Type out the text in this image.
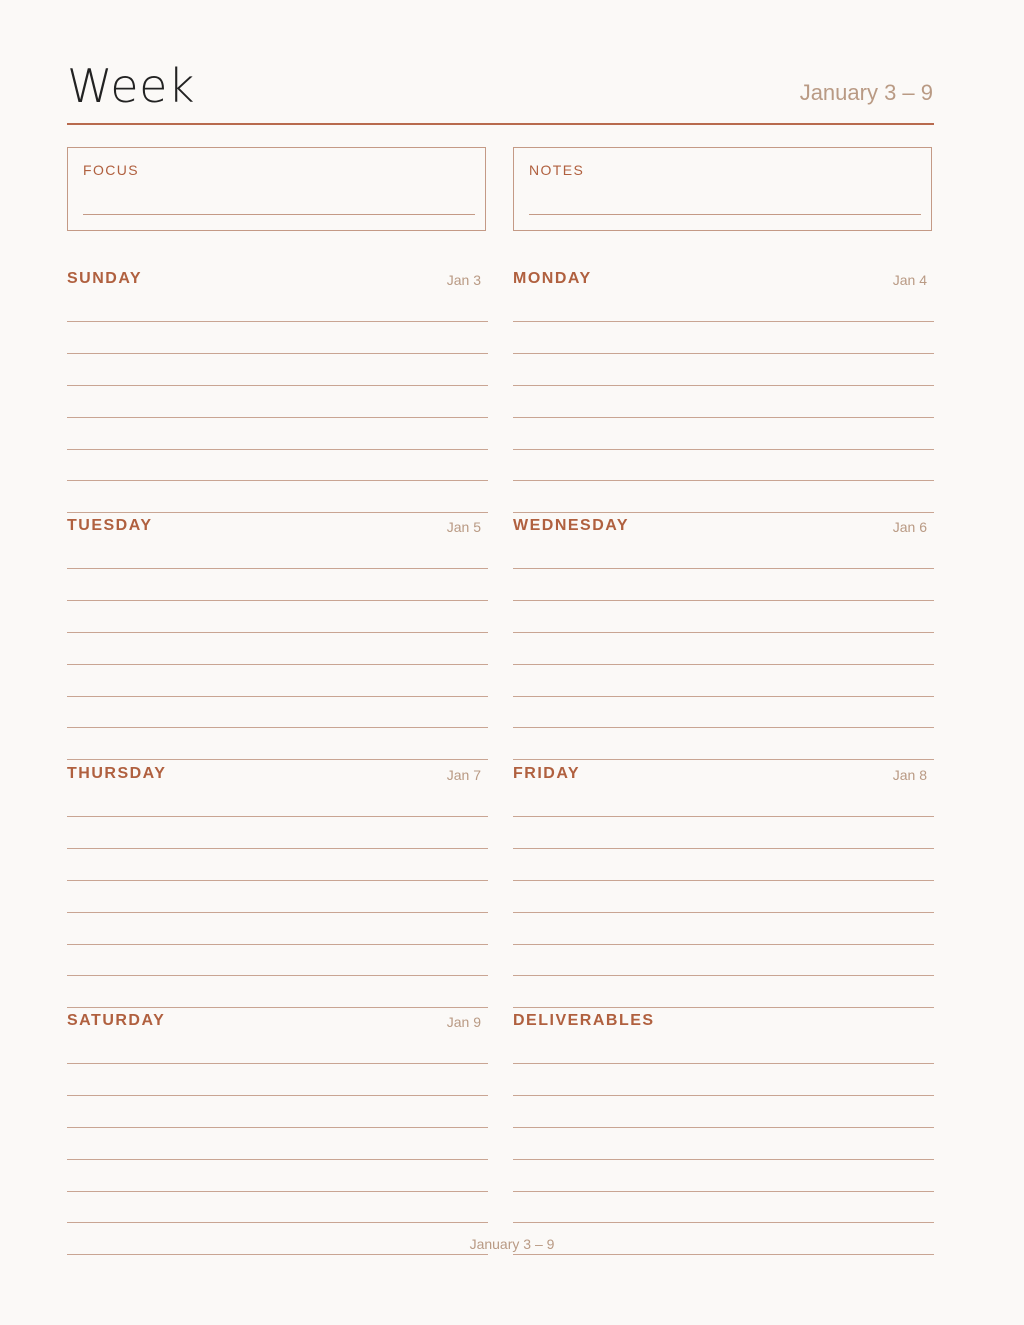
Week	January 3 – 9
FOCUS	NOTES
SUNDAY	Jan 3 MONDAY	Jan 4
TUESDAY	Jan 5 WEDNESDAY	Jan 6
THURSDAY	Jan 7 FRIDAY	Jan 8
SATURDAY	Jan 9 DELIVERABLES
January 3 – 9
